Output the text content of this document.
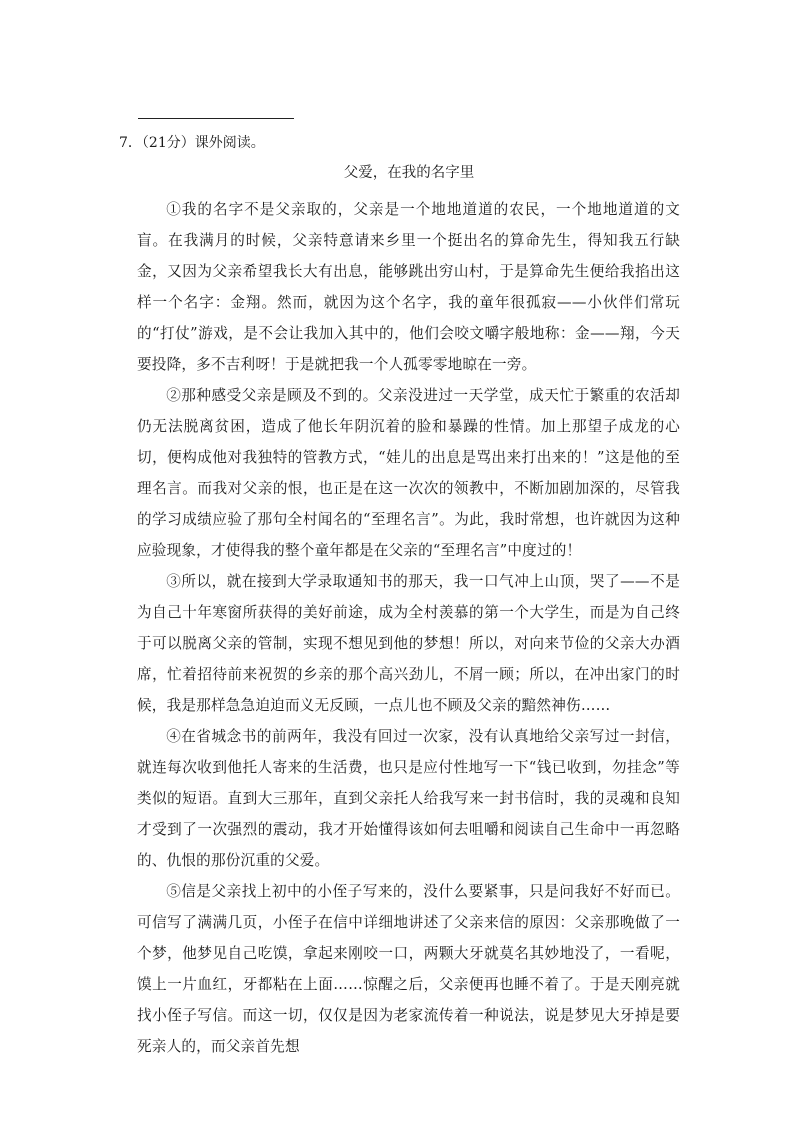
7．（21分）课外阅读。
父爱，在我的名字里

①我的名字不是父亲取的，父亲是一个地地道道的农民，一个地地道道的文盲。在我满月的时候，父亲特意请来乡里一个挺出名的算命先生，得知我五行缺金，又因为父亲希望我长大有出息，能够跳出穷山村，于是算命先生便给我掐出这样一个名字：金翔。然而，就因为这个名字，我的童年很孤寂——小伙伴们常玩的“打仗”游戏，是不会让我加入其中的，他们会咬文嚼字般地称：金——翔，今天要投降，多不吉利呀！于是就把我一个人孤零零地晾在一旁。

②那种感受父亲是顾及不到的。父亲没进过一天学堂，成天忙于繁重的农活却仍无法脱离贫困，造成了他长年阴沉着的脸和暴躁的性情。加上那望子成龙的心切，便构成他对我独特的管教方式，“娃儿的出息是骂出来打出来的！”这是他的至理名言。而我对父亲的恨，也正是在这一次次的领教中，不断加剧加深的，尽管我的学习成绩应验了那句全村闻名的“至理名言”。为此，我时常想，也许就因为这种应验现象，才使得我的整个童年都是在父亲的“至理名言”中度过的！

③所以，就在接到大学录取通知书的那天，我一口气冲上山顶，哭了——不是为自己十年寒窗所获得的美好前途，成为全村羡慕的第一个大学生，而是为自己终于可以脱离父亲的管制，实现不想见到他的梦想！所以，对向来节俭的父亲大办酒席，忙着招待前来祝贺的乡亲的那个高兴劲儿，不屑一顾；所以，在冲出家门的时候，我是那样急急迫迫而义无反顾，一点儿也不顾及父亲的黯然神伤……

④在省城念书的前两年，我没有回过一次家，没有认真地给父亲写过一封信，就连每次收到他托人寄来的生活费，也只是应付性地写一下“钱已收到，勿挂念”等类似的短语。直到大三那年，直到父亲托人给我写来一封书信时，我的灵魂和良知才受到了一次强烈的震动，我才开始懂得该如何去咀嚼和阅读自己生命中一再忽略的、仇恨的那份沉重的父爱。

⑤信是父亲找上初中的小侄子写来的，没什么要紧事，只是问我好不好而已。可信写了满满几页，小侄子在信中详细地讲述了父亲来信的原因：父亲那晚做了一个梦，他梦见自己吃馍，拿起来刚咬一口，两颗大牙就莫名其妙地没了，一看呢，馍上一片血红，牙都粘在上面……惊醒之后，父亲便再也睡不着了。于是天刚亮就找小侄子写信。而这一切，仅仅是因为老家流传着一种说法，说是梦见大牙掉是要死亲人的，而父亲首先想
